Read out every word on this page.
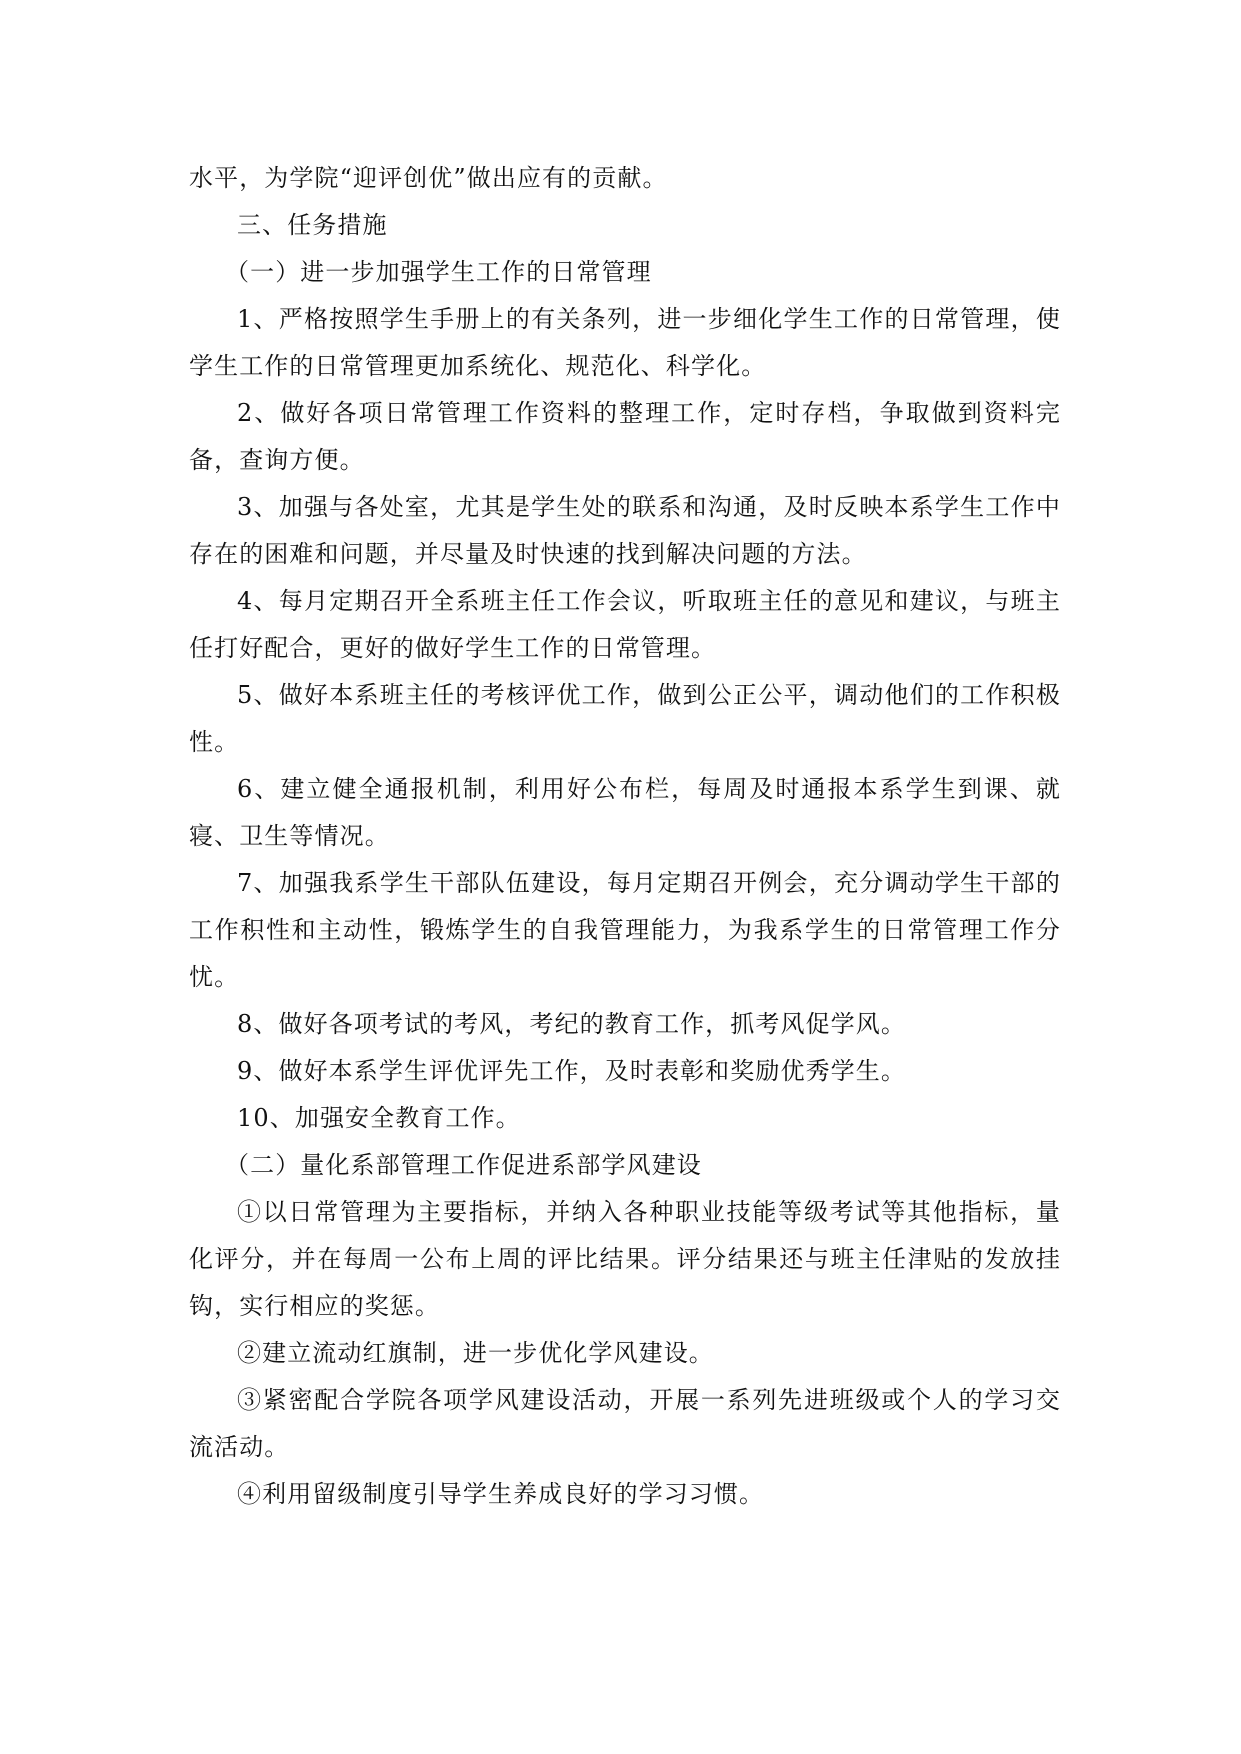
水平，为学院“迎评创优”做出应有的贡献。

三、任务措施

（一）进一步加强学生工作的日常管理

1、严格按照学生手册上的有关条列，进一步细化学生工作的日常管理，使学生工作的日常管理更加系统化、规范化、科学化。

2、做好各项日常管理工作资料的整理工作，定时存档，争取做到资料完备，查询方便。

3、加强与各处室，尤其是学生处的联系和沟通，及时反映本系学生工作中存在的困难和问题，并尽量及时快速的找到解决问题的方法。

4、每月定期召开全系班主任工作会议，听取班主任的意见和建议，与班主任打好配合，更好的做好学生工作的日常管理。

5、做好本系班主任的考核评优工作，做到公正公平，调动他们的工作积极性。

6、建立健全通报机制，利用好公布栏，每周及时通报本系学生到课、就寝、卫生等情况。

7、加强我系学生干部队伍建设，每月定期召开例会，充分调动学生干部的工作积性和主动性，锻炼学生的自我管理能力，为我系学生的日常管理工作分忧。

8、做好各项考试的考风，考纪的教育工作，抓考风促学风。

9、做好本系学生评优评先工作，及时表彰和奖励优秀学生。

10、加强安全教育工作。

（二）量化系部管理工作促进系部学风建设

①以日常管理为主要指标，并纳入各种职业技能等级考试等其他指标，量化评分，并在每周一公布上周的评比结果。评分结果还与班主任津贴的发放挂钩，实行相应的奖惩。

②建立流动红旗制，进一步优化学风建设。

③紧密配合学院各项学风建设活动，开展一系列先进班级或个人的学习交流活动。

④利用留级制度引导学生养成良好的学习习惯。
